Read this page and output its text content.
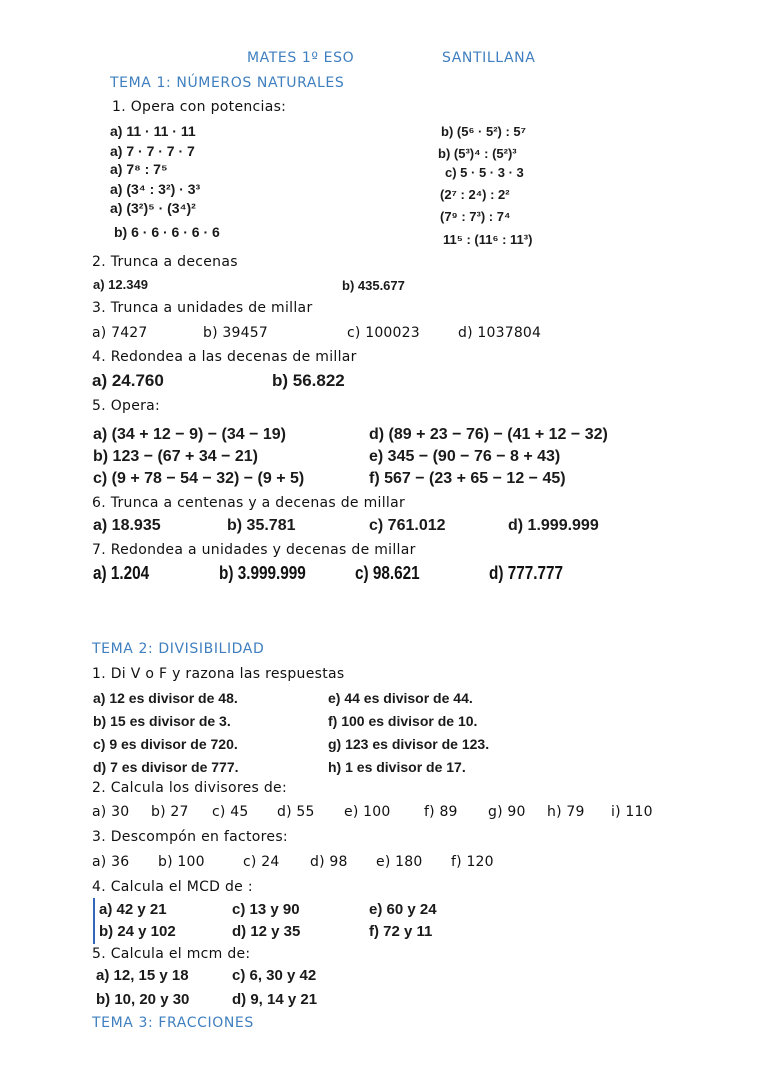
MATES 1º ESO	SANTILLANA
TEMA 1: NÚMEROS NATURALES
1. Opera con potencias:
a) 11 · 11 · 11
a) 7 · 7 · 7 · 7
a) 7⁸ : 7⁵
a) (3⁴ : 3²) · 3³
a) (3²)⁵ · (3⁴)²
b) 6 · 6 · 6 · 6 · 6
b) (5⁶ · 5²) : 5⁷
b) (5³)⁴ : (5²)³
c) 5 · 5 · 3 · 3
(2⁷ : 2⁴) : 2²
(7⁹ : 7³) : 7⁴
11⁵ : (11⁶ : 11³)
2. Trunca a decenas
a) 12.349	b) 435.677
3. Trunca a unidades de millar
a) 7427	b) 39457	c) 100023	d) 1037804
4. Redondea a las decenas de millar
a) 24.760	b) 56.822
5. Opera:
a) (34 + 12 − 9) − (34 − 19)
b) 123 − (67 + 34 − 21)
c) (9 + 78 − 54 − 32) − (9 + 5)
d) (89 + 23 − 76) − (41 + 12 − 32)
e) 345 − (90 − 76 − 8 + 43)
f) 567 − (23 + 65 − 12 − 45)
6. Trunca a centenas y a decenas de millar
a) 18.935	b) 35.781	c) 761.012	d) 1.999.999
7. Redondea a unidades y decenas de millar
a) 1.204	b) 3.999.999	c) 98.621	d) 777.777
TEMA 2: DIVISIBILIDAD
1. Di V o F y razona las respuestas
a) 12 es divisor de 48.
b) 15 es divisor de 3.
c) 9 es divisor de 720.
d) 7 es divisor de 777.
e) 44 es divisor de 44.
f) 100 es divisor de 10.
g) 123 es divisor de 123.
h) 1 es divisor de 17.
2. Calcula los divisores de:
a) 30 b) 27 c) 45 d) 55 e) 100 f) 89 g) 90 h) 79 i) 110
3. Descompón en factores:
a) 36 b) 100	c) 24 d) 98 e) 180 f) 120
4. Calcula el MCD de :
a) 42 y 21	c) 13 y 90	e) 60 y 24
b) 24 y 102	d) 12 y 35	f) 72 y 11
5. Calcula el mcm de:
a) 12, 15 y 18	c) 6, 30 y 42
b) 10, 20 y 30	d) 9, 14 y 21
TEMA 3: FRACCIONES
